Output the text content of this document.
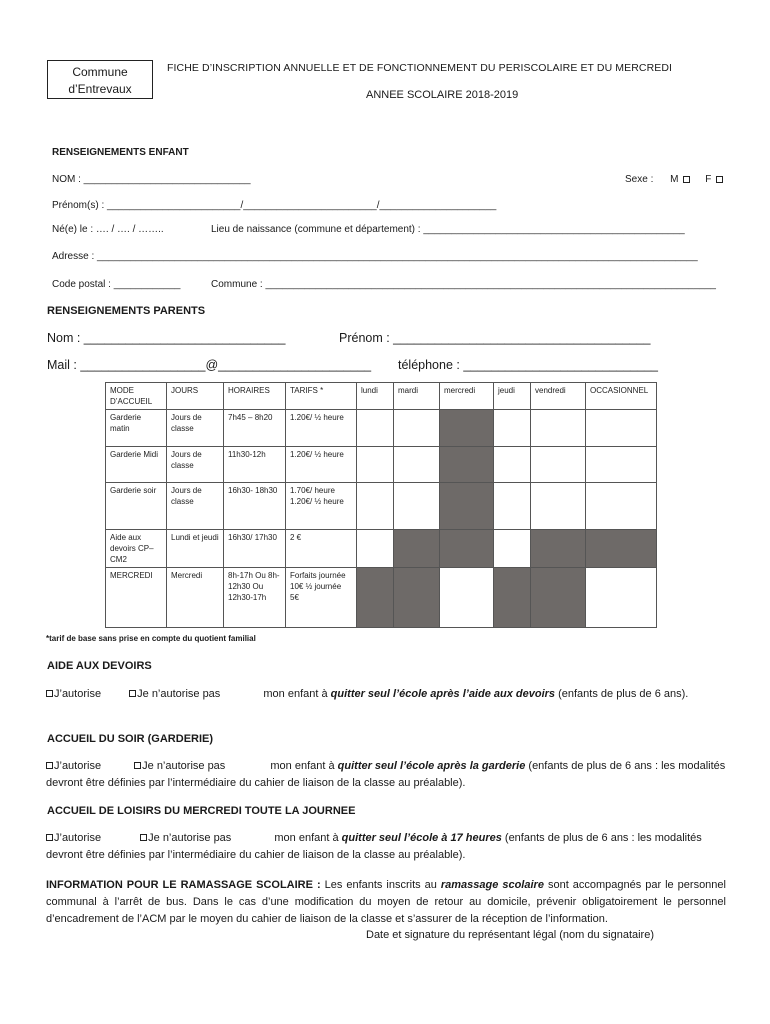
Commune
d’Entrevaux
FICHE D’INSCRIPTION ANNUELLE ET DE FONCTIONNEMENT DU PERISCOLAIRE ET DU MERCREDI
ANNEE SCOLAIRE 2018-2019
RENSEIGNEMENTS ENFANT
NOM : ______________________________	Sexe : M	F
Prénom(s) : ________________________/________________________/_____________________
Né(e) le : …. / …. / ……..	Lieu de naissance (commune et département) : _______________________________________________
Adresse : ____________________________________________________________________________________________________________
Code postal : ____________	Commune : _________________________________________________________________________________
RENSEIGNEMENTS PARENTS
Nom : _____________________________	Prénom : _____________________________________
Mail : __________________@______________________ téléphone : ____________________________
MODE D’ACCUEIL	JOURS	HORAIRES	TARIFS *	lundi	mardi	mercredi	jeudi	vendredi	OCCASIONNEL
Garderie matin	Jours de classe	7h45 – 8h20	1.20€/ ½ heure						
Garderie Midi	Jours de classe	11h30-12h	1.20€/ ½ heure						
Garderie soir	Jours de classe	16h30- 18h30	1.70€/ heure 1.20€/ ½ heure						
Aide aux devoirs CP–CM2	Lundi et jeudi	16h30/ 17h30	2 €						
MERCREDI	Mercredi	8h-17h Ou 8h-12h30 Ou 12h30-17h	Forfaits journée 10€ ½ journée 5€						
*tarif de base sans prise en compte du quotient familial
AIDE AUX DEVOIRS
J’autorise	Je n’autorise pas	mon enfant à quitter seul l’école après l’aide aux devoirs (enfants de plus de 6 ans).
ACCUEIL DU SOIR (GARDERIE)
J’autorise	Je n’autorise pas	mon enfant à quitter seul l’école après la garderie (enfants de plus de 6 ans : les modalités devront être définies par l’intermédiaire du cahier de liaison de la classe au préalable).
ACCUEIL DE LOISIRS DU MERCREDI TOUTE LA JOURNEE
J’autorise	Je n’autorise pas	mon enfant à quitter seul l’école à 17 heures (enfants de plus de 6 ans : les modalités devront être définies par l’intermédiaire du cahier de liaison de la classe au préalable).
INFORMATION POUR LE RAMASSAGE SCOLAIRE : Les enfants inscrits au ramassage scolaire sont accompagnés par le personnel communal à l’arrêt de bus. Dans le cas d’une modification du moyen de retour au domicile, prévenir obligatoirement le personnel d’encadrement de l’ACM par le moyen du cahier de liaison de la classe et s’assurer de la réception de l’information.
Date et signature du représentant légal (nom du signataire)
